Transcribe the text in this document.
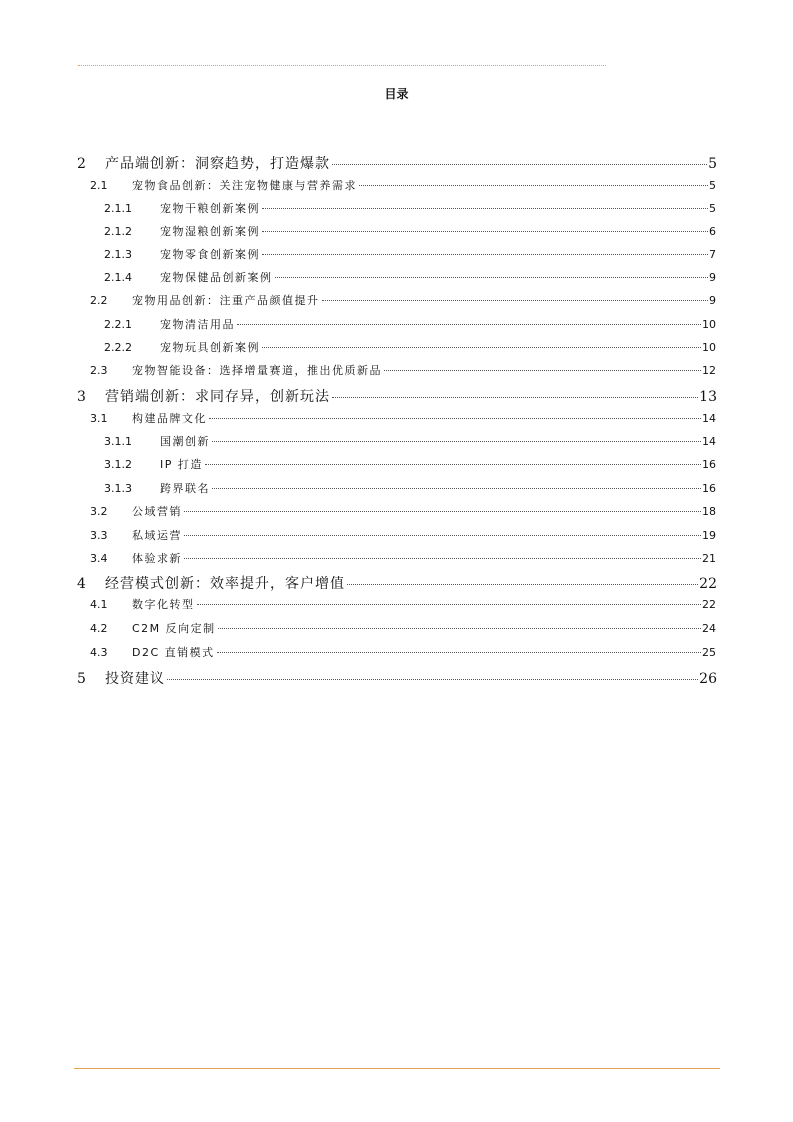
目录
2	产品端创新：洞察趋势，打造爆款	5
2.1	宠物食品创新：关注宠物健康与营养需求	5
2.1.1	宠物干粮创新案例	5
2.1.2	宠物湿粮创新案例	6
2.1.3	宠物零食创新案例	7
2.1.4	宠物保健品创新案例	9
2.2	宠物用品创新：注重产品颜值提升	9
2.2.1	宠物清洁用品	10
2.2.2	宠物玩具创新案例	10
2.3	宠物智能设备：选择增量赛道，推出优质新品	12
3	营销端创新：求同存异，创新玩法	13
3.1	构建品牌文化	14
3.1.1	国潮创新	14
3.1.2	IP 打造	16
3.1.3	跨界联名	16
3.2	公域营销	18
3.3	私域运营	19
3.4	体验求新	21
4	经营模式创新：效率提升，客户增值	22
4.1	数字化转型	22
4.2	C2M 反向定制	24
4.3	D2C 直销模式	25
5	投资建议	26
